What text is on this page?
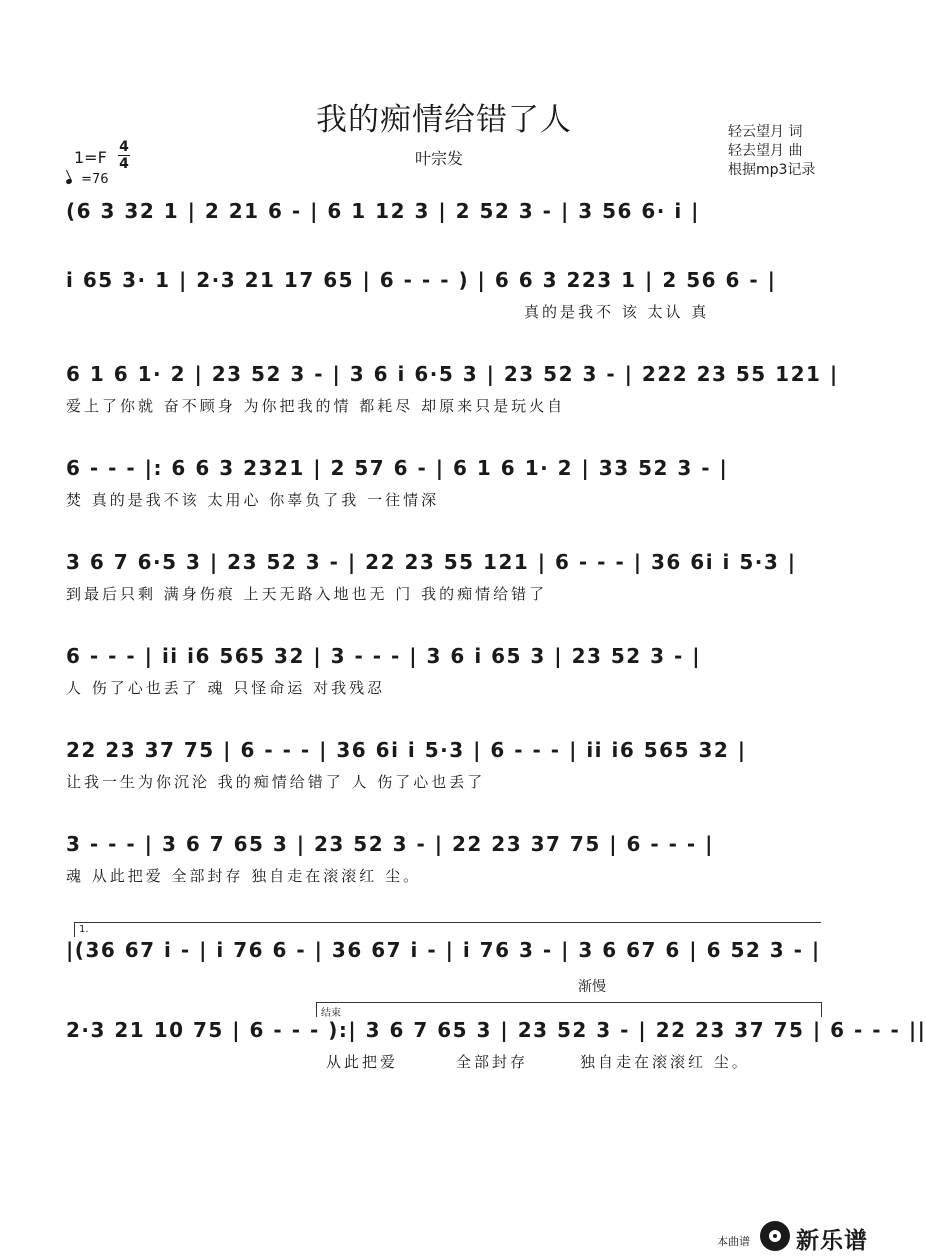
我的痴情给错了人
叶宗发
轻云望月 词
轻去望月 曲
根据mp3记录
1=F
4
4
=76
(6 3 32 1 | 2 21 6 - | 6 1 12 3 | 2 52 3 - | 3 56 6· i |
i 65 3· 1 | 2·3 21 17 65 | 6 - - - ) | 6 6 3 223 1 | 2 56 6 - |
真的是我不 该 太认 真
6 1 6 1· 2 | 23 52 3 - | 3 6 i 6·5 3 | 23 52 3 - | 222 23 55 121 |
爱上了你就 奋不顾身 为你把我的情 都耗尽 却原来只是玩火自
6 - - - |: 6 6 3 2321 | 2 57 6 - | 6 1 6 1· 2 | 33 52 3 - |
焚 真的是我不该 太用心 你辜负了我 一往情深
3 6 7 6·5 3 | 23 52 3 - | 22 23 55 121 | 6 - - - | 36 6i i 5·3 |
到最后只剩 满身伤痕 上天无路入地也无 门 我的痴情给错了
6 - - - | ii i6 565 32 | 3 - - - | 3 6 i 65 3 | 23 52 3 - |
人 伤了心也丢了 魂 只怪命运 对我残忍
22 23 37 75 | 6 - - - | 36 6i i 5·3 | 6 - - - | ii i6 565 32 |
让我一生为你沉沦 我的痴情给错了 人 伤了心也丢了
3 - - - | 3 6 7 65 3 | 23 52 3 - | 22 23 37 75 | 6 - - - |
魂 从此把爱 全部封存 独自走在滚滚红 尘。
1.
|(36 67 i - | i 76 6 - | 36 67 i - | i 76 3 - | 3 6 67 6 | 6 52 3 - |
渐慢
结束
2·3 21 10 75 | 6 - - - ):| 3 6 7 65 3 | 23 52 3 - | 22 23 37 75 | 6 - - - ||
从此把爱	全部封存	独自走在滚滚红 尘。
本曲谱 新乐谱
